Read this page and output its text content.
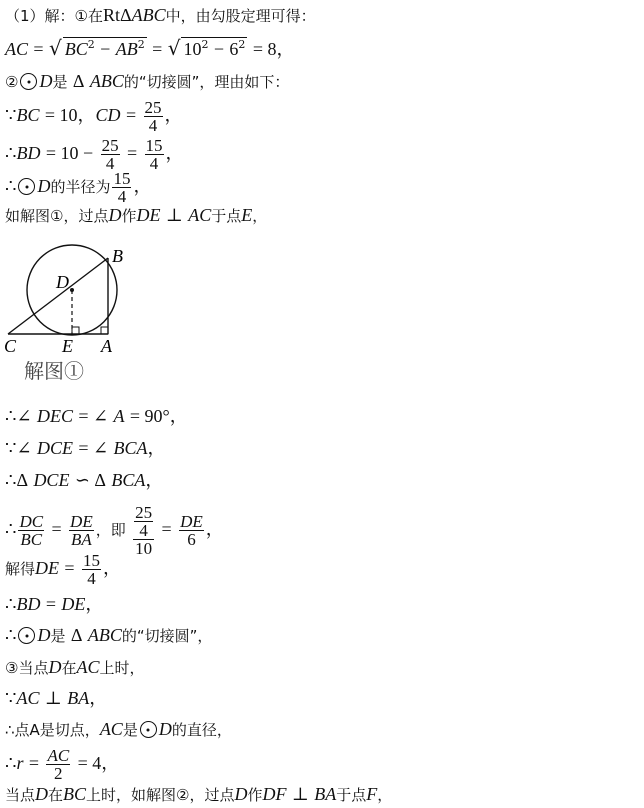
（1）解：①在RtΔABC中，由勾股定理可得：
AC = √ $BC^2 - AB^2$ = √ $10^2 - 6^2 = 8$，
② D是 Δ ABC的“切接圆”，理由如下：
∵BC = 10，CD = $\frac{25}{4}$ ，
∴BD = $10 - \frac{25}{4} = \frac{15}{4}$ ，
∴ D的半径为 $\frac{15}{4}$ ，
如解图①，过点D作DE ⊥ AC于点E，
B
D
C	E A
解图①
∴∠ DEC = ∠ A = 90°，
∵∠ DCE = ∠ BCA，
∴Δ DCE ∽ Δ BCA，
∴ $\frac{DC}{BC} = \frac{DE}{BA}$ ，即 $\frac{\frac{25}{4}}{10} = \frac{DE}{6}$ ，
解得DE = $\frac{15}{4}$ ，
∴BD = DE，
∴ D是 Δ ABC的“切接圆”，
③当点D在AC上时，
∵AC ⊥ BA，
∴点A是切点，AC是 D的直径，
∴r = $\frac{AC}{2} = 4$，
当点D在BC上时，如解图②，过点D作DF ⊥ BA于点F，
